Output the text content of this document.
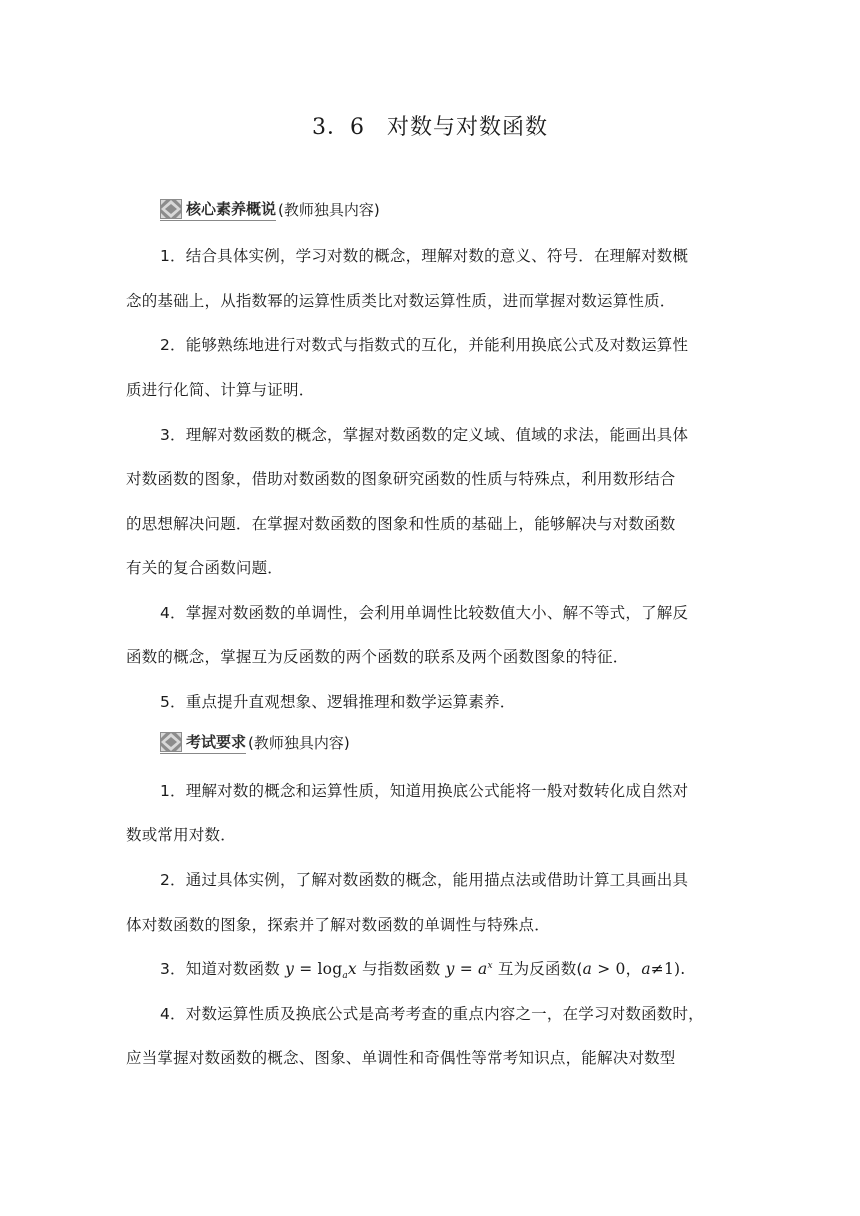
3．6 对数与对数函数
核心素养概说 (教师独具内容)
1．结合具体实例，学习对数的概念，理解对数的意义、符号．在理解对数概
念的基础上，从指数幂的运算性质类比对数运算性质，进而掌握对数运算性质．
2．能够熟练地进行对数式与指数式的互化，并能利用换底公式及对数运算性
质进行化简、计算与证明．
3．理解对数函数的概念，掌握对数函数的定义域、值域的求法，能画出具体
对数函数的图象，借助对数函数的图象研究函数的性质与特殊点，利用数形结合
的思想解决问题．在掌握对数函数的图象和性质的基础上，能够解决与对数函数
有关的复合函数问题．
4．掌握对数函数的单调性，会利用单调性比较数值大小、解不等式，了解反
函数的概念，掌握互为反函数的两个函数的联系及两个函数图象的特征．
5．重点提升直观想象、逻辑推理和数学运算素养．
考试要求 (教师独具内容)
1．理解对数的概念和运算性质，知道用换底公式能将一般对数转化成自然对
数或常用对数．
2．通过具体实例，了解对数函数的概念，能用描点法或借助计算工具画出具
体对数函数的图象，探索并了解对数函数的单调性与特殊点．
3．知道对数函数 $y = \log_ax$ 与指数函数 $y = a^x$ 互为反函数(a > 0，a≠1).
4．对数运算性质及换底公式是高考考查的重点内容之一，在学习对数函数时，
应当掌握对数函数的概念、图象、单调性和奇偶性等常考知识点，能解决对数型
